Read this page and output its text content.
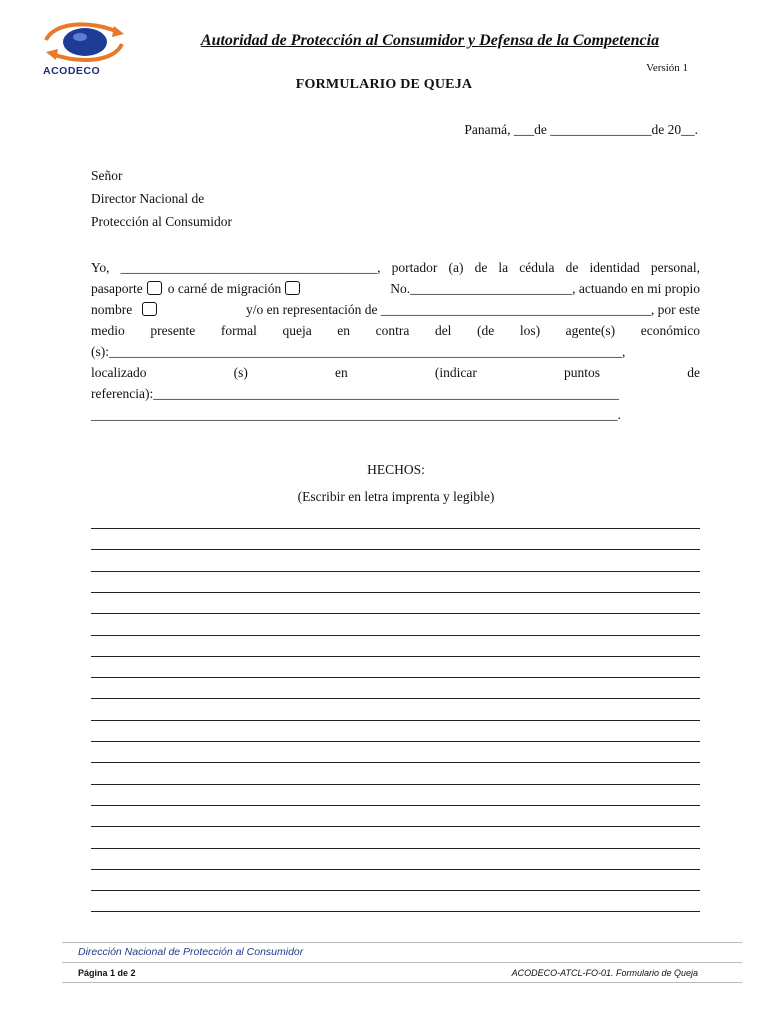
ACODECO
Autoridad de Protección al Consumidor y Defensa de la Competencia
Versión 1
FORMULARIO DE QUEJA
Panamá, ___de _______________de 20__.
Señor
Director Nacional de
Protección al Consumidor
Yo, ______________________________________, portador (a) de la cédula de identidad personal,
pasaporte o carné de migración	No.________________________, actuando en mi propio
nombre	y/o en representación de ________________________________________, por este
medio presente formal queja en contra del (de los) agente(s) económico
(s):____________________________________________________________________________,
localizado	(s)	en	(indicar	puntos	de
referencia):_____________________________________________________________________
______________________________________________________________________________.
HECHOS:
(Escribir en letra imprenta y legible)
Dirección Nacional de Protección al Consumidor
Página 1 de 2	ACODECO-ATCL-FO-01. Formulario de Queja
